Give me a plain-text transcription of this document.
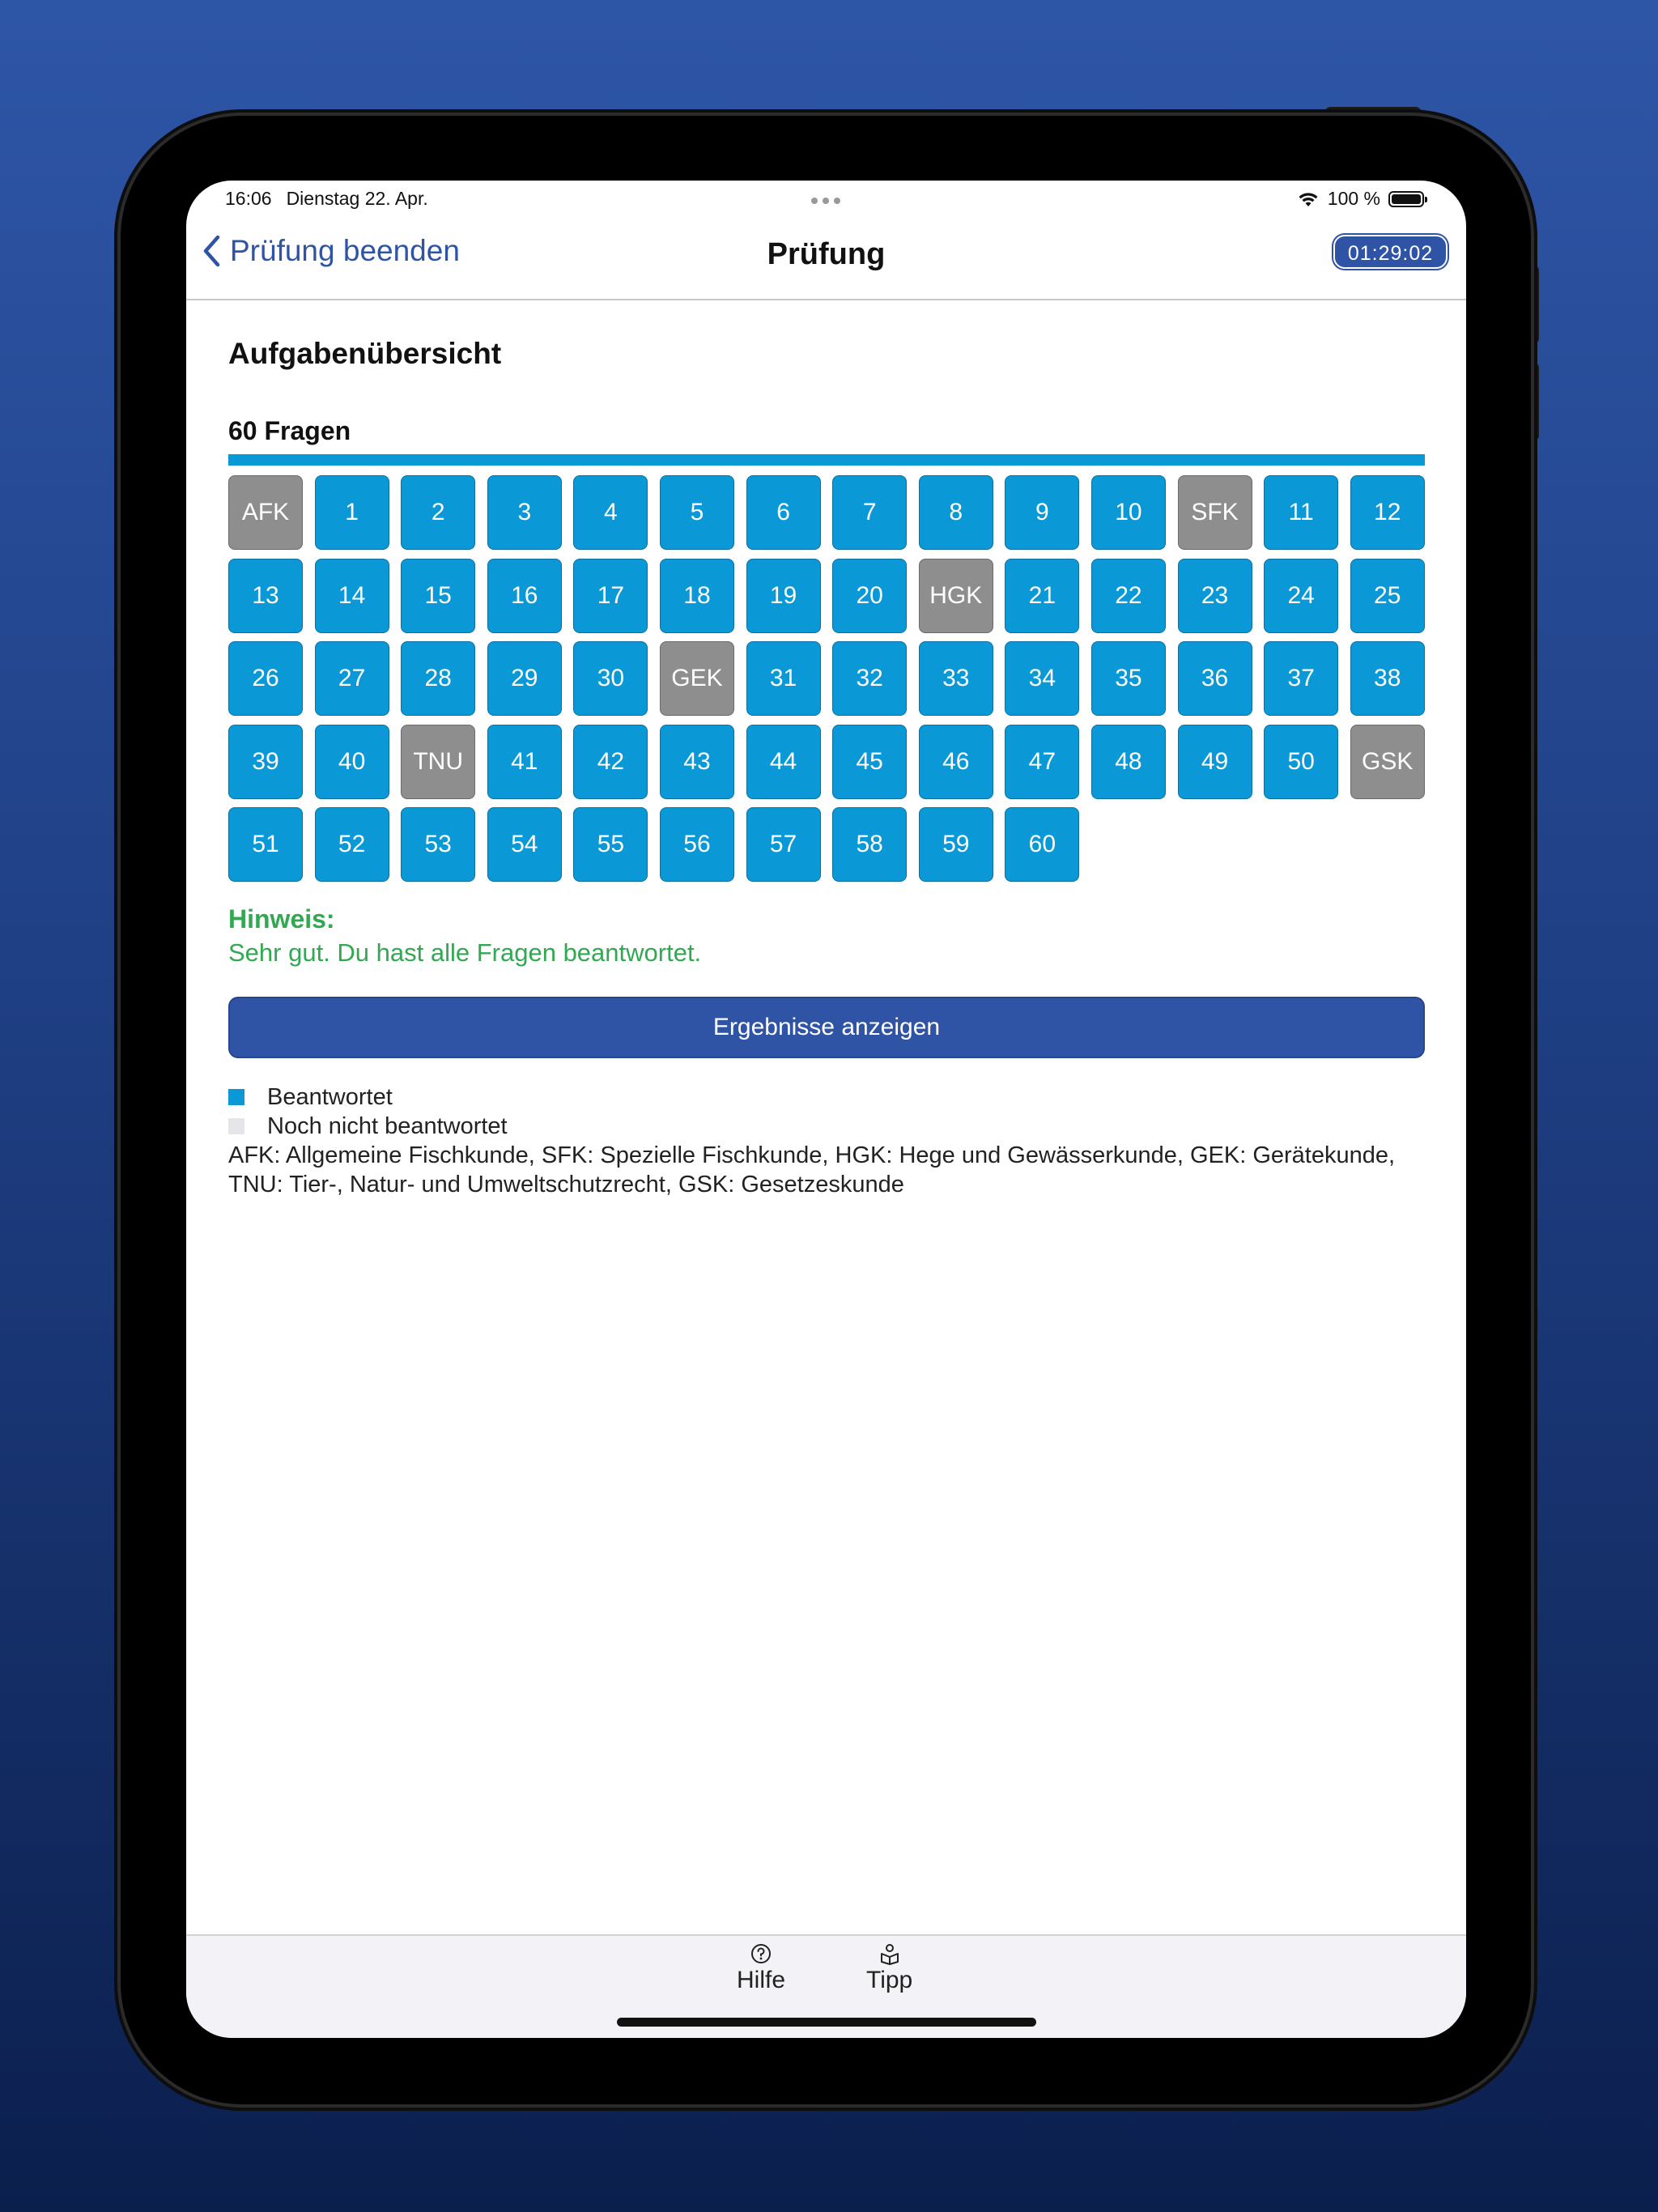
16:06 Dienstag 22. Apr.	100 %
Prüfung beenden	Prüfung	01:29:02
Aufgabenübersicht
60 Fragen
AFK	1	2	3	4	5	6	7	8	9	10	SFK	11	12
13	14	15	16	17	18	19	20	HGK	21	22	23	24	25
26	27	28	29	30	GEK	31	32	33	34	35	36	37	38
39	40	TNU	41	42	43	44	45	46	47	48	49	50	GSK
51	52	53	54	55	56	57	58	59	60
Hinweis:
Sehr gut. Du hast alle Fragen beantwortet.
Ergebnisse anzeigen
Beantwortet
Noch nicht beantwortet
AFK: Allgemeine Fischkunde, SFK: Spezielle Fischkunde, HGK: Hege und Gewässerkunde, GEK: Gerätekunde, TNU: Tier-, Natur- und Umweltschutzrecht, GSK: Gesetzeskunde
Hilfe	Tipp
